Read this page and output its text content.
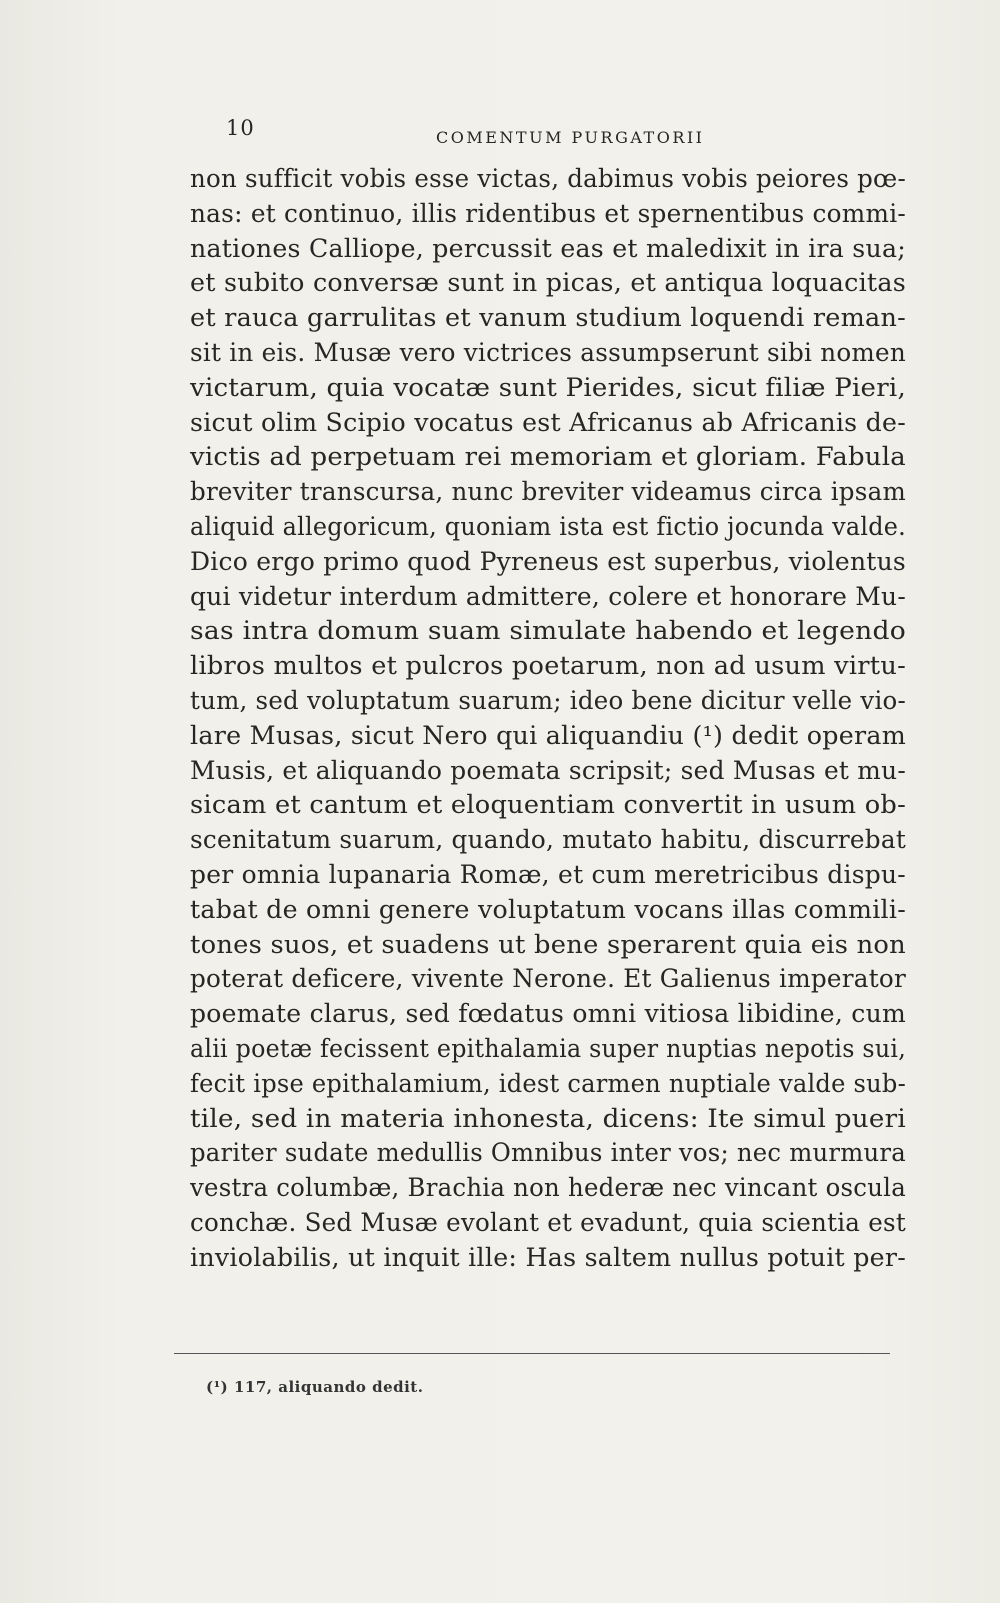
10	COMENTUM PURGATORII
non sufficit vobis esse victas, dabimus vobis peiores pœ-
nas: et continuo, illis ridentibus et spernentibus commi-
nationes Calliope, percussit eas et maledixit in ira sua;
et subito conversæ sunt in picas, et antiqua loquacitas
et rauca garrulitas et vanum studium loquendi reman-
sit in eis. Musæ vero victrices assumpserunt sibi nomen
victarum, quia vocatæ sunt Pierides, sicut filiæ Pieri,
sicut olim Scipio vocatus est Africanus ab Africanis de-
victis ad perpetuam rei memoriam et gloriam. Fabula
breviter transcursa, nunc breviter videamus circa ipsam
aliquid allegoricum, quoniam ista est fictio jocunda valde.
Dico ergo primo quod Pyreneus est superbus, violentus
qui videtur interdum admittere, colere et honorare Mu-
sas intra domum suam simulate habendo et legendo
libros multos et pulcros poetarum, non ad usum virtu-
tum, sed voluptatum suarum; ideo bene dicitur velle vio-
lare Musas, sicut Nero qui aliquandiu (¹) dedit operam
Musis, et aliquando poemata scripsit; sed Musas et mu-
sicam et cantum et eloquentiam convertit in usum ob-
scenitatum suarum, quando, mutato habitu, discurrebat
per omnia lupanaria Romæ, et cum meretricibus dispu-
tabat de omni genere voluptatum vocans illas commili-
tones suos, et suadens ut bene sperarent quia eis non
poterat deficere, vivente Nerone. Et Galienus imperator
poemate clarus, sed fœdatus omni vitiosa libidine, cum
alii poetæ fecissent epithalamia super nuptias nepotis sui,
fecit ipse epithalamium, idest carmen nuptiale valde sub-
tile, sed in materia inhonesta, dicens: Ite simul pueri
pariter sudate medullis Omnibus inter vos; nec murmura
vestra columbæ, Brachia non hederæ nec vincant oscula
conchæ. Sed Musæ evolant et evadunt, quia scientia est
inviolabilis, ut inquit ille: Has saltem nullus potuit per-
(¹) 117, aliquando dedit.
